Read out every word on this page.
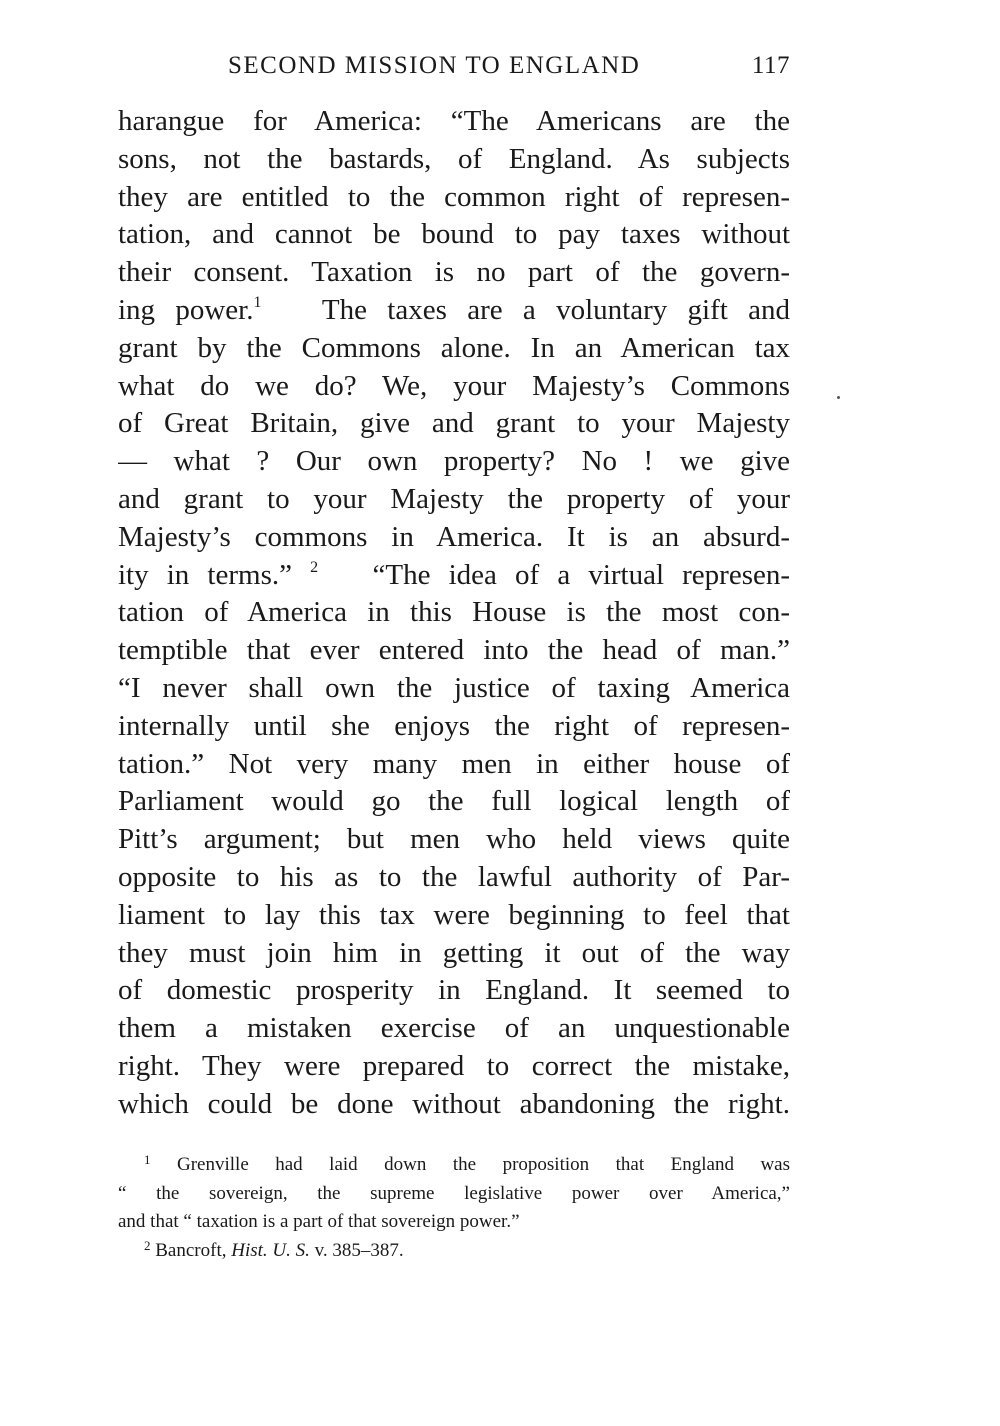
SECOND MISSION TO ENGLAND	117
harangue for America: “The Americans are the
sons, not the bastards, of England. As subjects
they are entitled to the common right of represen-
tation, and cannot be bound to pay taxes without
their consent. Taxation is no part of the govern-
ing power.$^1$ The taxes are a voluntary gift and
grant by the Commons alone. In an American tax
what do we do? We, your Majesty’s Commons
of Great Britain, give and grant to your Majesty
— what ? Our own property? No ! we give
and grant to your Majesty the property of your
Majesty’s commons in America. It is an absurd-
ity in terms.” $^2$ “The idea of a virtual represen-
tation of America in this House is the most con-
temptible that ever entered into the head of man.”
“I never shall own the justice of taxing America
internally until she enjoys the right of represen-
tation.” Not very many men in either house of
Parliament would go the full logical length of
Pitt’s argument; but men who held views quite
opposite to his as to the lawful authority of Par-
liament to lay this tax were beginning to feel that
they must join him in getting it out of the way
of domestic prosperity in England. It seemed to
them a mistaken exercise of an unquestionable
right. They were prepared to correct the mistake,
which could be done without abandoning the right.
$^1$ Grenville had laid down the proposition that England was
“ the sovereign, the supreme legislative power over America,”
and that “ taxation is a part of that sovereign power.”
$^2$ Bancroft, Hist. U. S. v. 385–387.
